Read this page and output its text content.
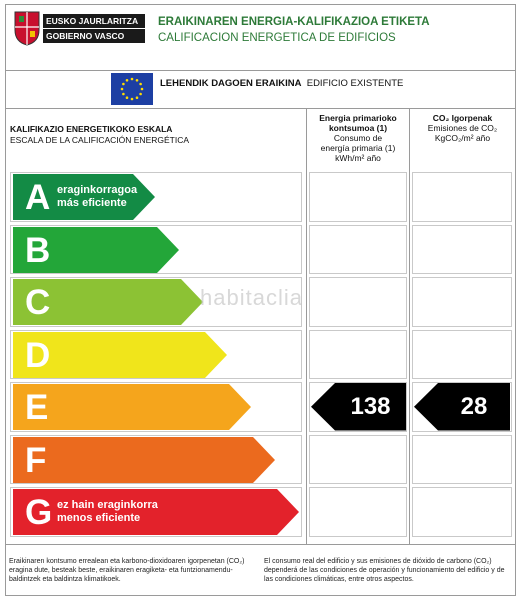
EUSKO JAURLARITZA
GOBIERNO VASCO
ERAIKINAREN ENERGIA-KALIFIKAZIOA ETIKETA
CALIFICACION ENERGETICA DE EDIFICIOS
LEHENDIK DAGOEN ERAIKINA EDIFICIO EXISTENTE
KALIFIKAZIO ENERGETIKOKO ESKALA
ESCALA DE LA CALIFICACIÓN ENERGÉTICA
Energia primarioko
kontsumoa (1)
Consumo de
energía primaria (1)
kWh/m² año
CO₂ Igorpenak
Emisiones de CO₂
KgCO₂/m² año
A eraginkorragoa
más eficiente
B
C
D
E	138	28
F
G ez hain eraginkorra
menos eficiente
habitaclia
Eraikinaren kontsumo errealean eta karbono-dioxidoaren igorpenetan (CO₂) eragina dute, besteak beste, eraikinaren eragiketa- eta funtzionamendu-baldintzek eta baldintza klimatikoek.
El consumo real del edificio y sus emisiones de dióxido de carbono (CO₂) dependerá de las condiciones de operación y funcionamiento del edificio y de las condiciones climáticas, entre otros aspectos.
